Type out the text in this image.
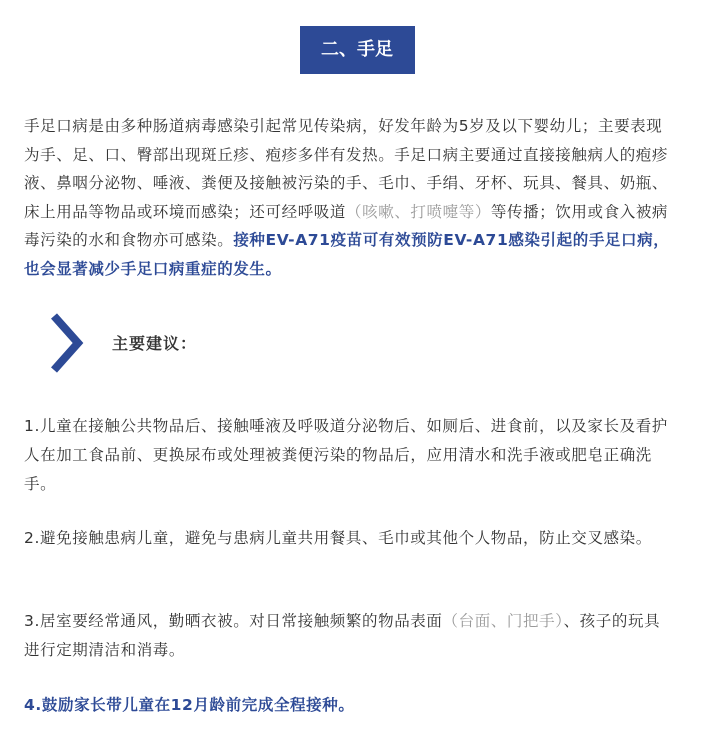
二、手足口病

手足口病是由多种肠道病毒感染引起常见传染病，好发年龄为5岁及以下婴幼儿；主要表现为手、足、口、臀部出现斑丘疹、疱疹多伴有发热。手足口病主要通过直接接触病人的疱疹液、鼻咽分泌物、唾液、粪便及接触被污染的手、毛巾、手绢、牙杯、玩具、餐具、奶瓶、床上用品等物品或环境而感染；还可经呼吸道（咳嗽、打喷嚏等）等传播；饮用或食入被病毒污染的水和食物亦可感染。接种EV-A71疫苗可有效预防EV-A71感染引起的手足口病，也会显著减少手足口病重症的发生。

主要建议：

1.儿童在接触公共物品后、接触唾液及呼吸道分泌物后、如厕后、进食前，以及家长及看护人在加工食品前、更换尿布或处理被粪便污染的物品后，应用清水和洗手液或肥皂正确洗手。

2.避免接触患病儿童，避免与患病儿童共用餐具、毛巾或其他个人物品，防止交叉感染。

3.居室要经常通风，勤晒衣被。对日常接触频繁的物品表面（台面、门把手）、孩子的玩具进行定期清洁和消毒。

4.鼓励家长带儿童在12月龄前完成全程接种。
